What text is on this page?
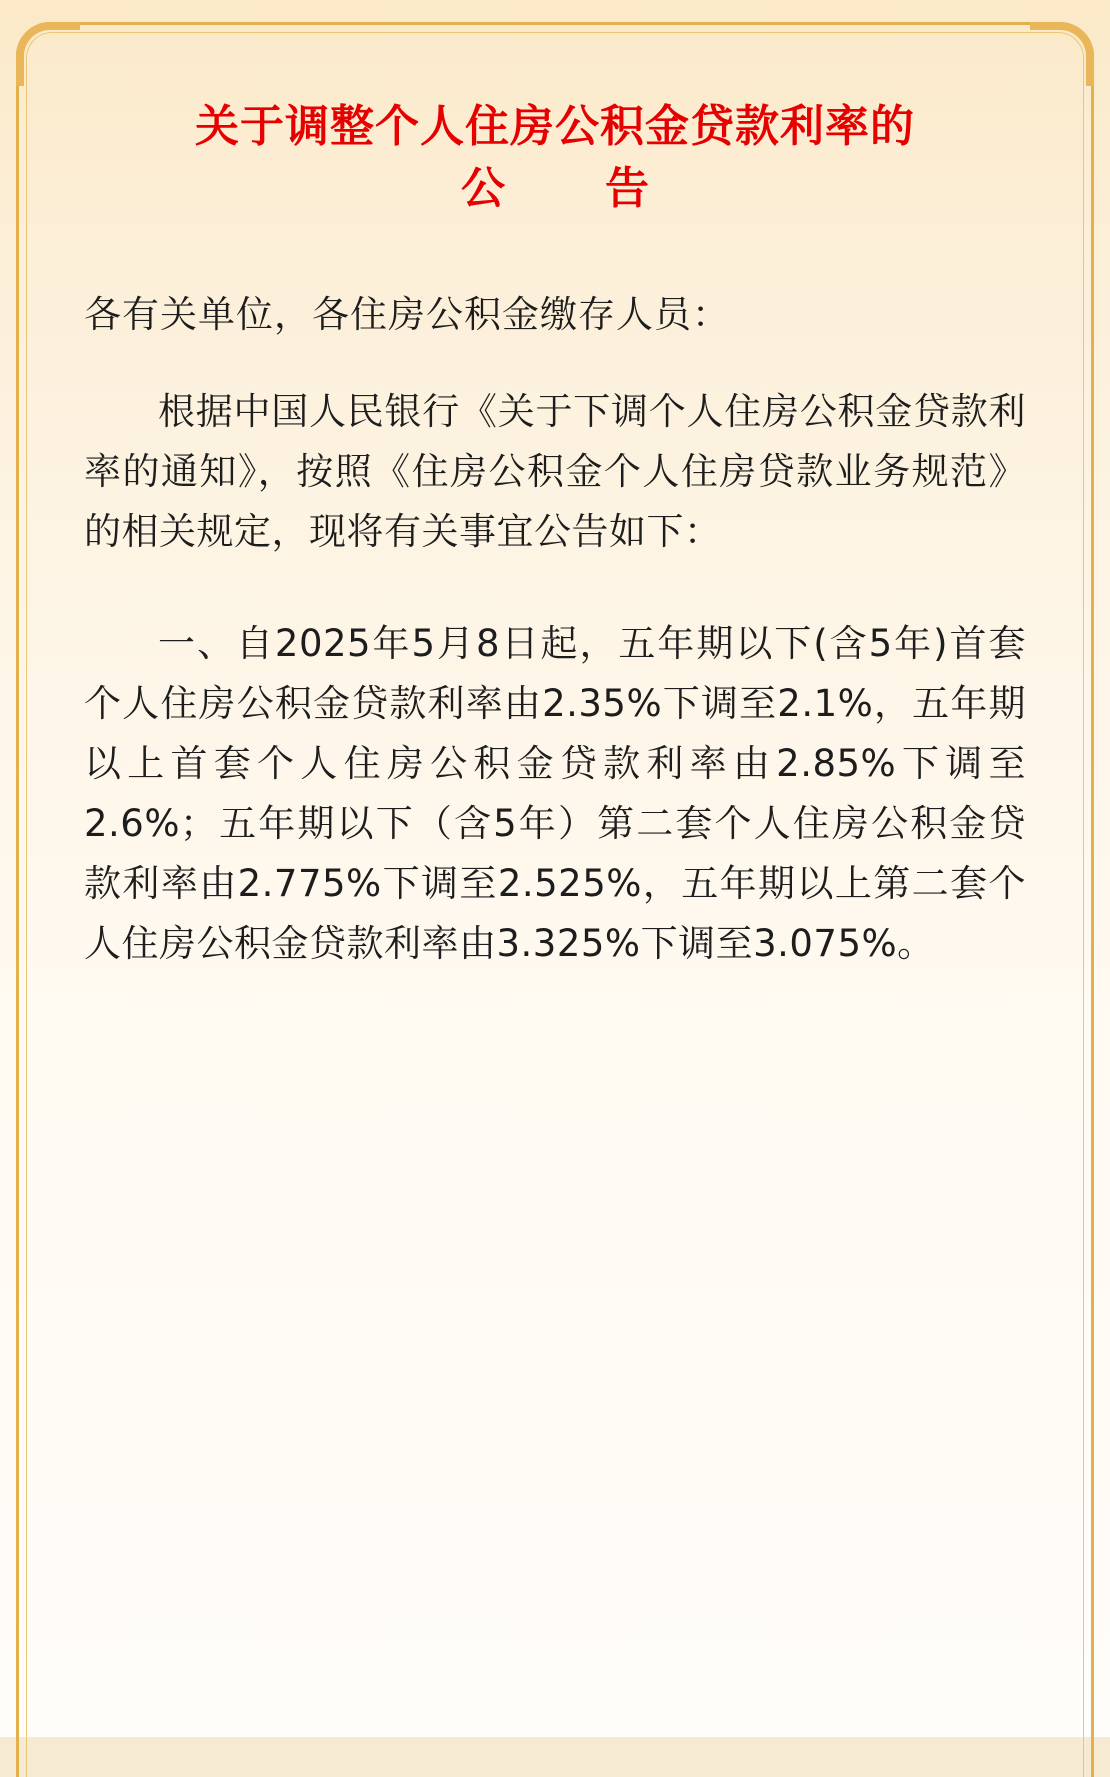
关于调整个人住房公积金贷款利率的
公　告
各有关单位，各住房公积金缴存人员：

根据中国人民银行《关于下调个人住房公积金贷款利率的通知》，按照《住房公积金个人住房贷款业务规范》的相关规定，现将有关事宜公告如下：

一、自2025年5月8日起，五年期以下(含5年)首套个人住房公积金贷款利率由2.35%下调至2.1%，五年期以上首套个人住房公积金贷款利率由2.85%下调至2.6%；五年期以下（含5年）第二套个人住房公积金贷款利率由2.775%下调至2.525%，五年期以上第二套个人住房公积金贷款利率由3.325%下调至3.075%。
